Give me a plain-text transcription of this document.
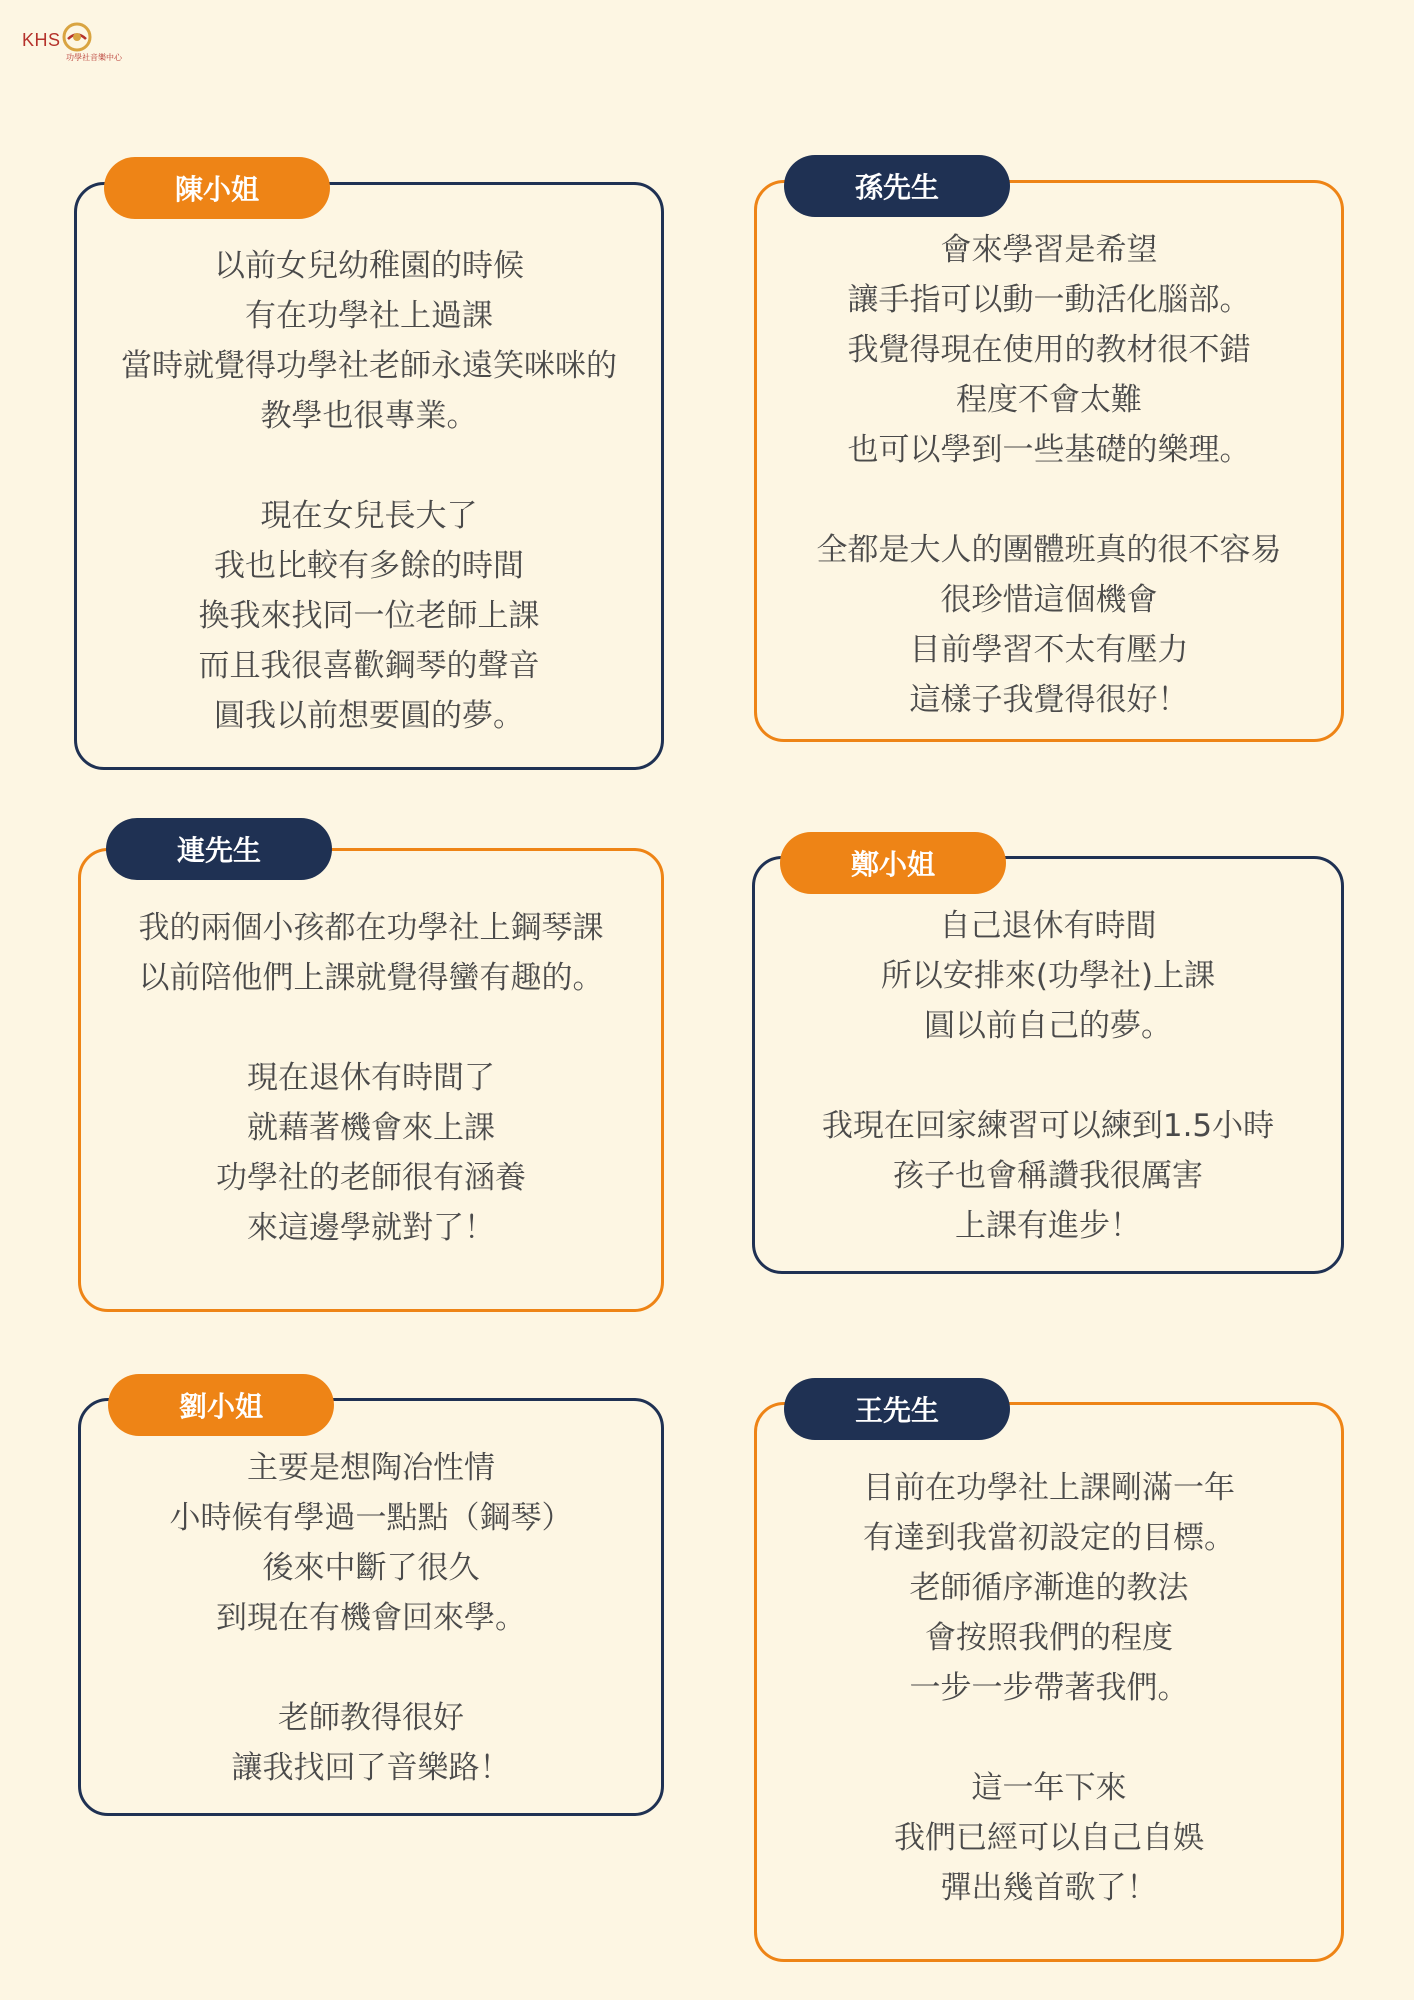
KHS
功學社音樂中心
以前女兒幼稚園的時候
有在功學社上過課
當時就覺得功學社老師永遠笑咪咪的
教學也很專業。
現在女兒長大了
我也比較有多餘的時間
換我來找同一位老師上課
而且我很喜歡鋼琴的聲音
圓我以前想要圓的夢。
陳小姐
會來學習是希望
讓手指可以動一動活化腦部。
我覺得現在使用的教材很不錯
程度不會太難
也可以學到一些基礎的樂理。
全都是大人的團體班真的很不容易
很珍惜這個機會
目前學習不太有壓力
這樣子我覺得很好！
孫先生
我的兩個小孩都在功學社上鋼琴課
以前陪他們上課就覺得蠻有趣的。
現在退休有時間了
就藉著機會來上課
功學社的老師很有涵養
來這邊學就對了！
連先生
自己退休有時間
所以安排來(功學社)上課
圓以前自己的夢。
我現在回家練習可以練到1.5小時
孩子也會稱讚我很厲害
上課有進步！
鄭小姐
主要是想陶冶性情
小時候有學過一點點（鋼琴）
後來中斷了很久
到現在有機會回來學。
老師教得很好
讓我找回了音樂路！
劉小姐
目前在功學社上課剛滿一年
有達到我當初設定的目標。
老師循序漸進的教法
會按照我們的程度
一步一步帶著我們。
這一年下來
我們已經可以自己自娛
彈出幾首歌了！
王先生
